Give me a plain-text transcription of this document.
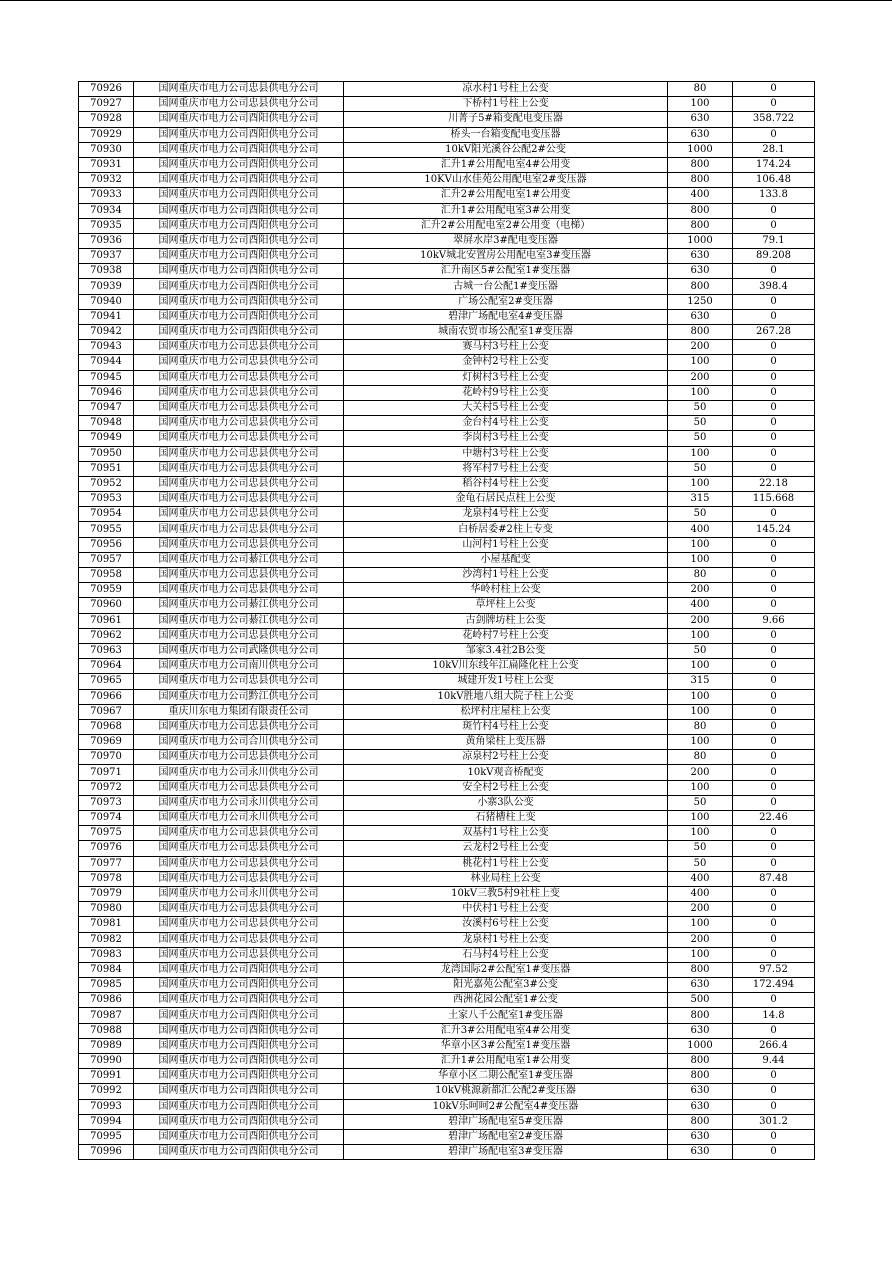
70926	国网重庆市电力公司忠县供电分公司	凉水村1号柱上公变	80	0
70927	国网重庆市电力公司忠县供电分公司	下桥村1号柱上公变	100	0
70928	国网重庆市电力公司酉阳供电分公司	川菁子5#箱变配电变压器	630	358.722
70929	国网重庆市电力公司酉阳供电分公司	桥头一台箱变配电变压器	630	0
70930	国网重庆市电力公司酉阳供电分公司	10kV阳光溪谷公配2#公变	1000	28.1
70931	国网重庆市电力公司酉阳供电分公司	汇升1#公用配电室4#公用变	800	174.24
70932	国网重庆市电力公司酉阳供电分公司	10KV山水佳苑公用配电室2#变压器	800	106.48
70933	国网重庆市电力公司酉阳供电分公司	汇升2#公用配电室1#公用变	400	133.8
70934	国网重庆市电力公司酉阳供电分公司	汇升1#公用配电室3#公用变	800	0
70935	国网重庆市电力公司酉阳供电分公司	汇升2#公用配电室2#公用变（电梯）	800	0
70936	国网重庆市电力公司酉阳供电分公司	翠屏水岸3#配电变压器	1000	79.1
70937	国网重庆市电力公司酉阳供电分公司	10kV城北安置房公用配电室3#变压器	630	89.208
70938	国网重庆市电力公司酉阳供电分公司	汇升南区5#公配室1#变压器	630	0
70939	国网重庆市电力公司酉阳供电分公司	古城一台公配1#变压器	800	398.4
70940	国网重庆市电力公司酉阳供电分公司	广场公配室2#变压器	1250	0
70941	国网重庆市电力公司酉阳供电分公司	碧津广场配电室4#变压器	630	0
70942	国网重庆市电力公司酉阳供电分公司	城南农贸市场公配室1#变压器	800	267.28
70943	国网重庆市电力公司忠县供电分公司	赛马村3号柱上公变	200	0
70944	国网重庆市电力公司忠县供电分公司	金钟村2号柱上公变	100	0
70945	国网重庆市电力公司忠县供电分公司	灯树村3号柱上公变	200	0
70946	国网重庆市电力公司忠县供电分公司	花岭村9号柱上公变	100	0
70947	国网重庆市电力公司忠县供电分公司	大关村5号柱上公变	50	0
70948	国网重庆市电力公司忠县供电分公司	金台村4号柱上公变	50	0
70949	国网重庆市电力公司忠县供电分公司	李岗村3号柱上公变	50	0
70950	国网重庆市电力公司忠县供电分公司	中塘村3号柱上公变	100	0
70951	国网重庆市电力公司忠县供电分公司	将军村7号柱上公变	50	0
70952	国网重庆市电力公司忠县供电分公司	稻谷村4号柱上公变	100	22.18
70953	国网重庆市电力公司忠县供电分公司	金龟石居民点柱上公变	315	115.668
70954	国网重庆市电力公司忠县供电分公司	龙泉村4号柱上公变	50	0
70955	国网重庆市电力公司忠县供电分公司	白桥居委#2柱上专变	400	145.24
70956	国网重庆市电力公司忠县供电分公司	山河村1号柱上公变	100	0
70957	国网重庆市电力公司綦江供电分公司	小屋基配变	100	0
70958	国网重庆市电力公司忠县供电分公司	沙湾村1号柱上公变	80	0
70959	国网重庆市电力公司忠县供电分公司	华岭村柱上公变	200	0
70960	国网重庆市电力公司綦江供电分公司	草坪柱上公变	400	0
70961	国网重庆市电力公司綦江供电分公司	古剑牌坊柱上公变	200	9.66
70962	国网重庆市电力公司忠县供电分公司	花岭村7号柱上公变	100	0
70963	国网重庆市电力公司武隆供电分公司	邹家3.4社2B公变	50	0
70964	国网重庆市电力公司南川供电分公司	10kV川东线年江扁隆化柱上公变	100	0
70965	国网重庆市电力公司忠县供电分公司	城建开发1号柱上公变	315	0
70966	国网重庆市电力公司黔江供电分公司	10kV胜地八组大院子柱上公变	100	0
70967	重庆川东电力集团有限责任公司	松坪村庄屋柱上公变	100	0
70968	国网重庆市电力公司忠县供电分公司	斑竹村4号柱上公变	80	0
70969	国网重庆市电力公司合川供电分公司	黄角梁柱上变压器	100	0
70970	国网重庆市电力公司忠县供电分公司	凉泉村2号柱上公变	80	0
70971	国网重庆市电力公司永川供电分公司	10kV观音桥配变	200	0
70972	国网重庆市电力公司忠县供电分公司	安全村2号柱上公变	100	0
70973	国网重庆市电力公司永川供电分公司	小寨3队公变	50	0
70974	国网重庆市电力公司永川供电分公司	石猪槽柱上变	100	22.46
70975	国网重庆市电力公司忠县供电分公司	双基村1号柱上公变	100	0
70976	国网重庆市电力公司忠县供电分公司	云龙村2号柱上公变	50	0
70977	国网重庆市电力公司忠县供电分公司	桃花村1号柱上公变	50	0
70978	国网重庆市电力公司忠县供电分公司	林业局柱上公变	400	87.48
70979	国网重庆市电力公司永川供电分公司	10kV三教5村9社柱上变	400	0
70980	国网重庆市电力公司忠县供电分公司	中伏村1号柱上公变	200	0
70981	国网重庆市电力公司忠县供电分公司	汝溪村6号柱上公变	100	0
70982	国网重庆市电力公司忠县供电分公司	龙泉村1号柱上公变	200	0
70983	国网重庆市电力公司忠县供电分公司	石马村4号柱上公变	100	0
70984	国网重庆市电力公司酉阳供电分公司	龙湾国际2#公配室1#变压器	800	97.52
70985	国网重庆市电力公司酉阳供电分公司	阳光嘉苑公配室3#公变	630	172.494
70986	国网重庆市电力公司酉阳供电分公司	西洲花园公配室1#公变	500	0
70987	国网重庆市电力公司酉阳供电分公司	土家八千公配室1#变压器	800	14.8
70988	国网重庆市电力公司酉阳供电分公司	汇升3#公用配电室4#公用变	630	0
70989	国网重庆市电力公司酉阳供电分公司	华章小区3#公配室1#变压器	1000	266.4
70990	国网重庆市电力公司酉阳供电分公司	汇升1#公用配电室1#公用变	800	9.44
70991	国网重庆市电力公司酉阳供电分公司	华章小区二期公配室1#变压器	800	0
70992	国网重庆市电力公司酉阳供电分公司	10kV桃源新都汇公配2#变压器	630	0
70993	国网重庆市电力公司酉阳供电分公司	10kV乐呵呵2#公配室4#变压器	630	0
70994	国网重庆市电力公司酉阳供电分公司	碧津广场配电室5#变压器	800	301.2
70995	国网重庆市电力公司酉阳供电分公司	碧津广场配电室2#变压器	630	0
70996	国网重庆市电力公司酉阳供电分公司	碧津广场配电室3#变压器	630	0
